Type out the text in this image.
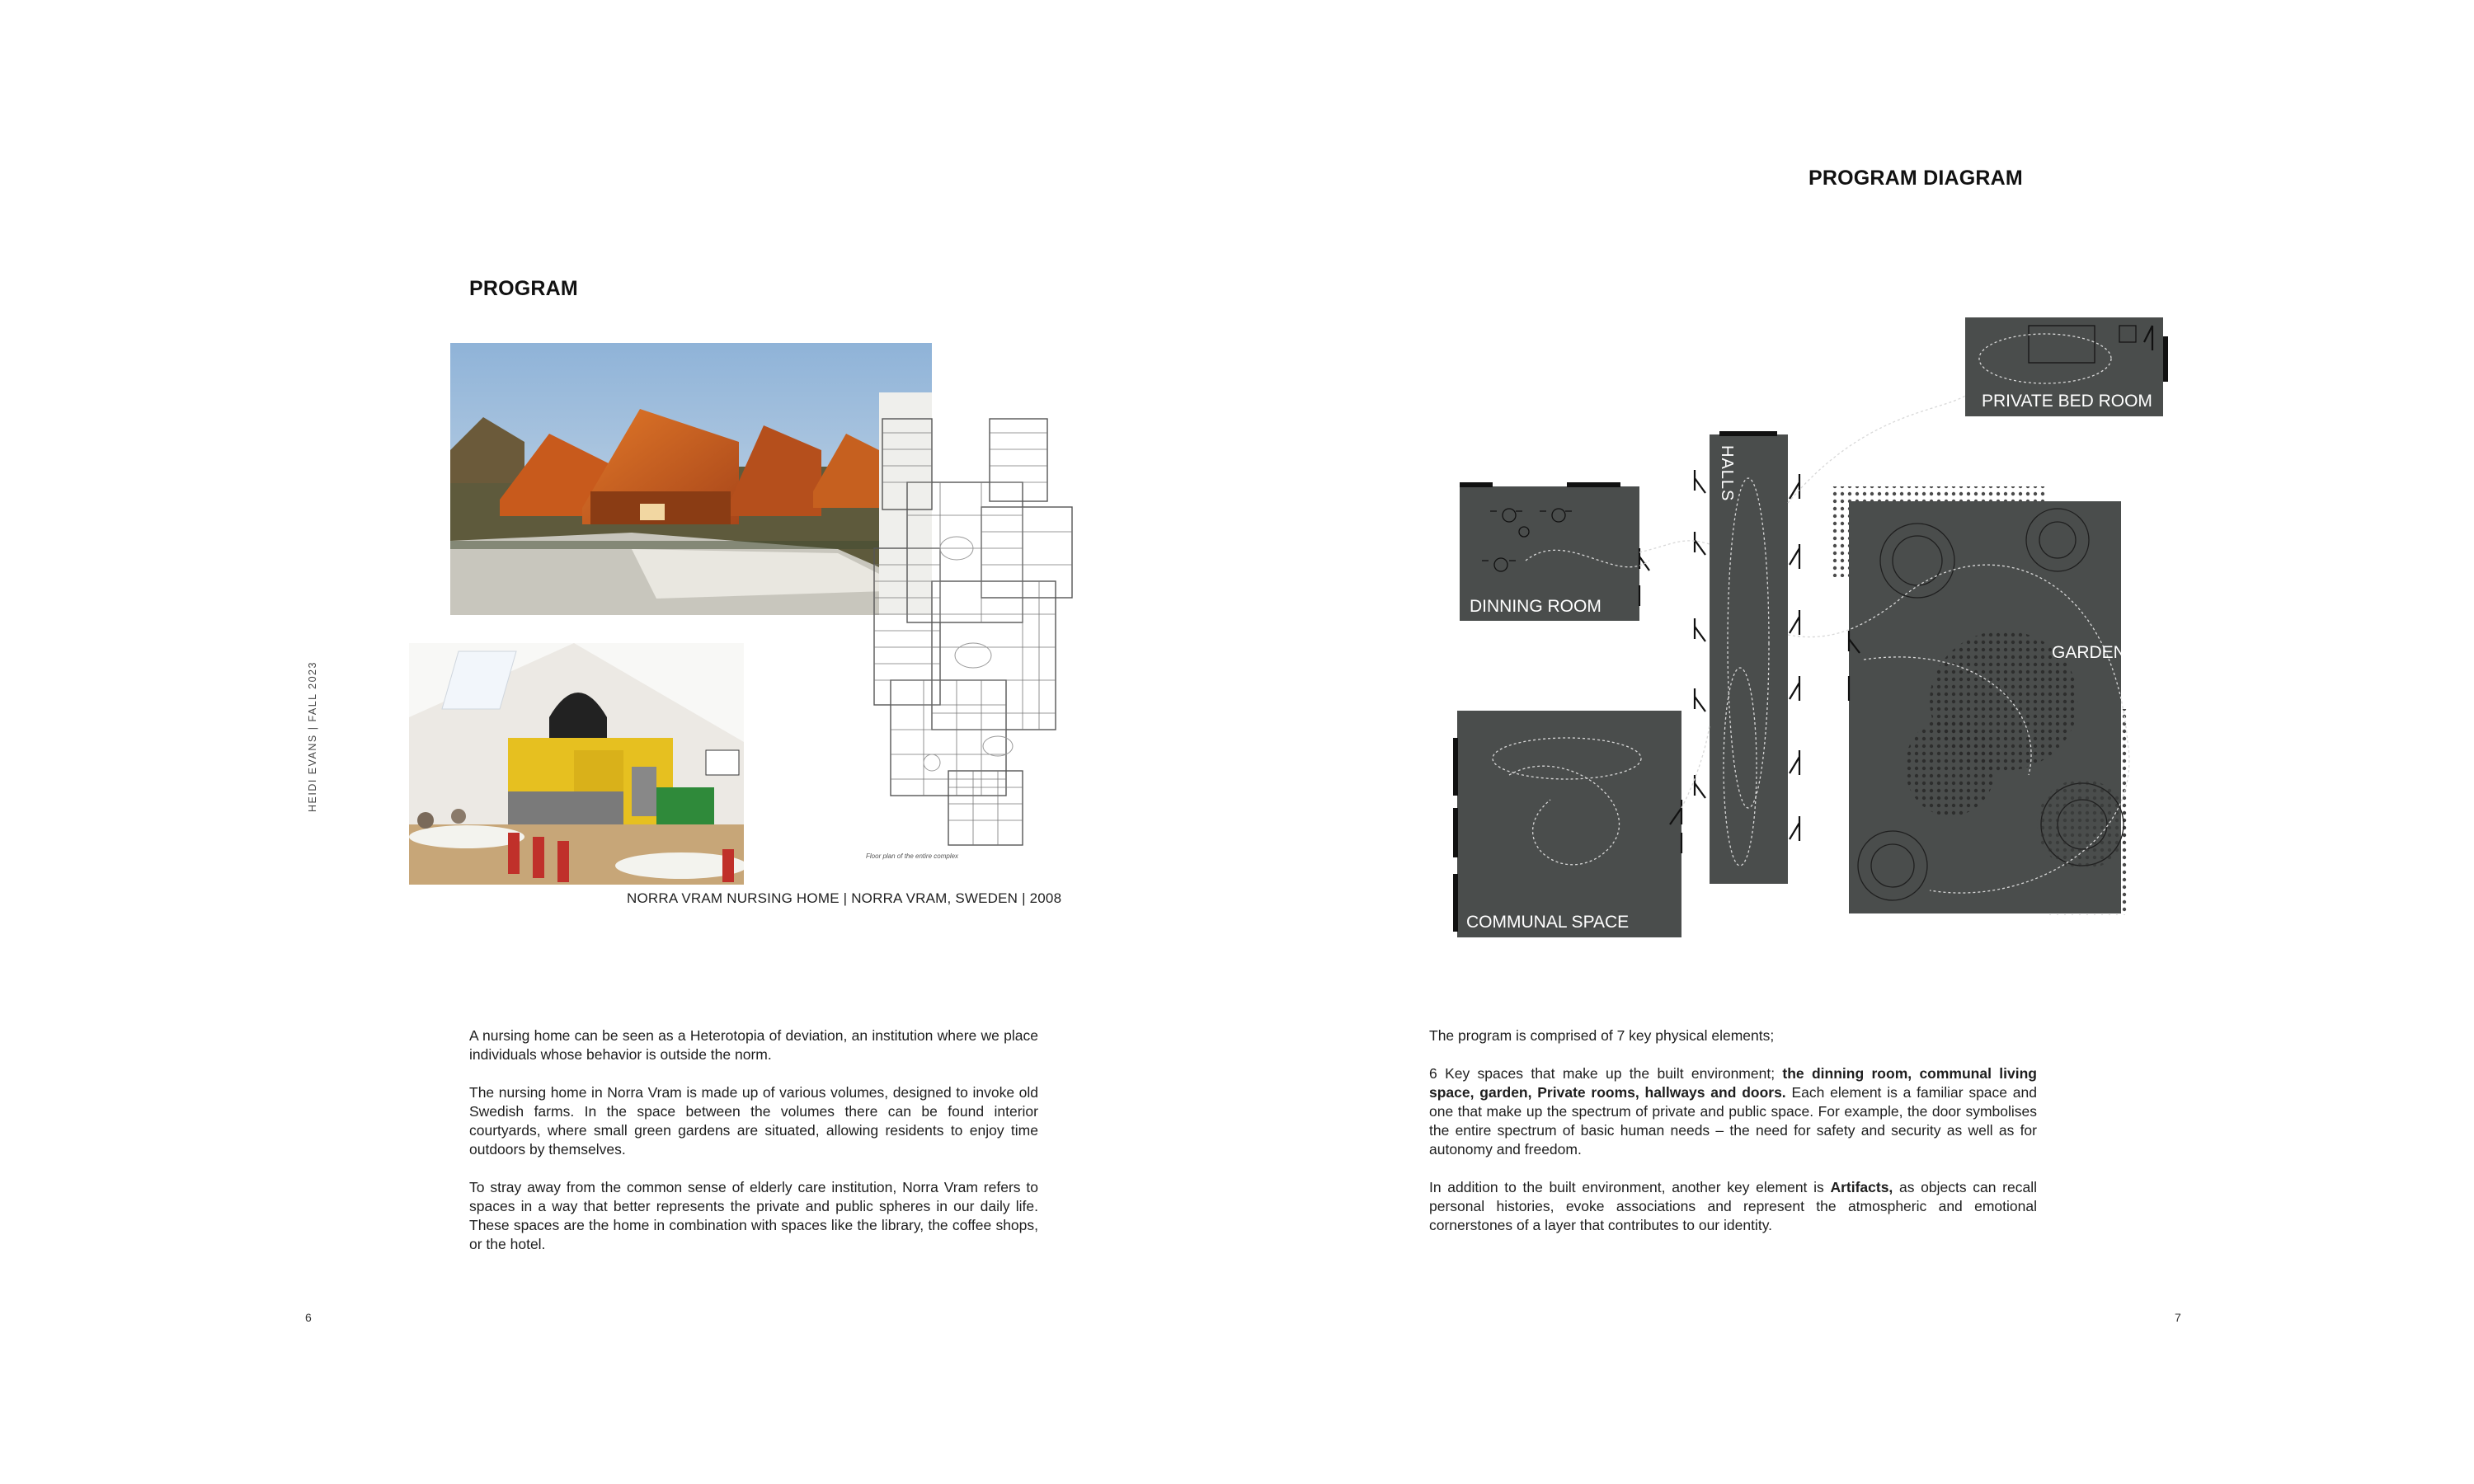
PROGRAM
HEIDI EVANS | FALL 2023
Floor plan of the entire complex
NORRA VRAM NURSING HOME | NORRA VRAM, SWEDEN | 2008

A nursing home can be seen as a Heterotopia of deviation, an institution where we place individuals whose behavior is outside the norm.

The nursing home in Norra Vram is made up of various volumes, designed to invoke old Swedish farms. In the space between the volumes there can be found interior courtyards, where small green gardens are situated, allowing residents to enjoy time outdoors by themselves.

To stray away from the common sense of elderly care institution, Norra Vram refers to spaces in a way that better represents the private and public spheres in our daily life. These spaces are the home in combination with spaces like the library, the coffee shops, or the hotel.

6
PROGRAM DIAGRAM
PRIVATE BED ROOM
DINNING ROOM
GARDEN
COMMUNAL SPACE
HALLS

The program is comprised of 7 key physical elements;

6 Key spaces that make up the built environment; the dinning room, communal living space, garden, Private rooms, hallways and doors. Each element is a familiar space and one that make up the spectrum of private and public space. For example, the door symbolises the entire spectrum of basic human needs – the need for safety and security as well as for autonomy and freedom.

In addition to the built environment, another key element is Artifacts, as objects can recall personal histories, evoke associations and represent the atmospheric and emotional cornerstones of a layer that contributes to our identity.

7
